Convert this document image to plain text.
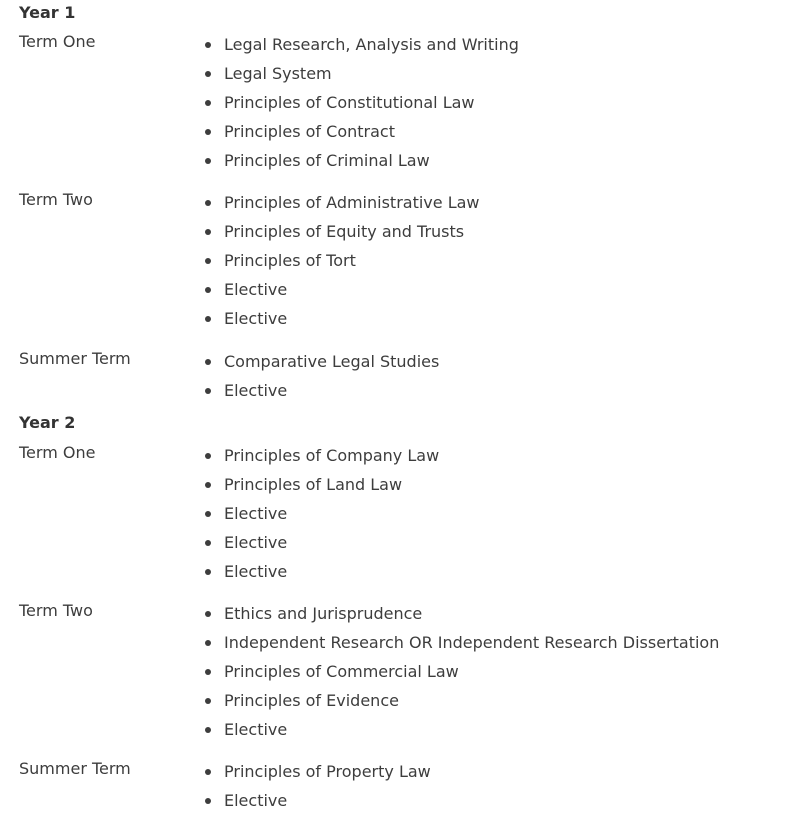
Year 1
Term One	Legal Research, Analysis and Writing
Legal System
Principles of Constitutional Law
Principles of Contract
Principles of Criminal Law
Term Two	Principles of Administrative Law
Principles of Equity and Trusts
Principles of Tort
Elective
Elective
Summer Term	Comparative Legal Studies
Elective
Year 2
Term One	Principles of Company Law
Principles of Land Law
Elective
Elective
Elective
Term Two	Ethics and Jurisprudence
Independent Research OR Independent Research Dissertation
Principles of Commercial Law
Principles of Evidence
Elective
Summer Term	Principles of Property Law
Elective
